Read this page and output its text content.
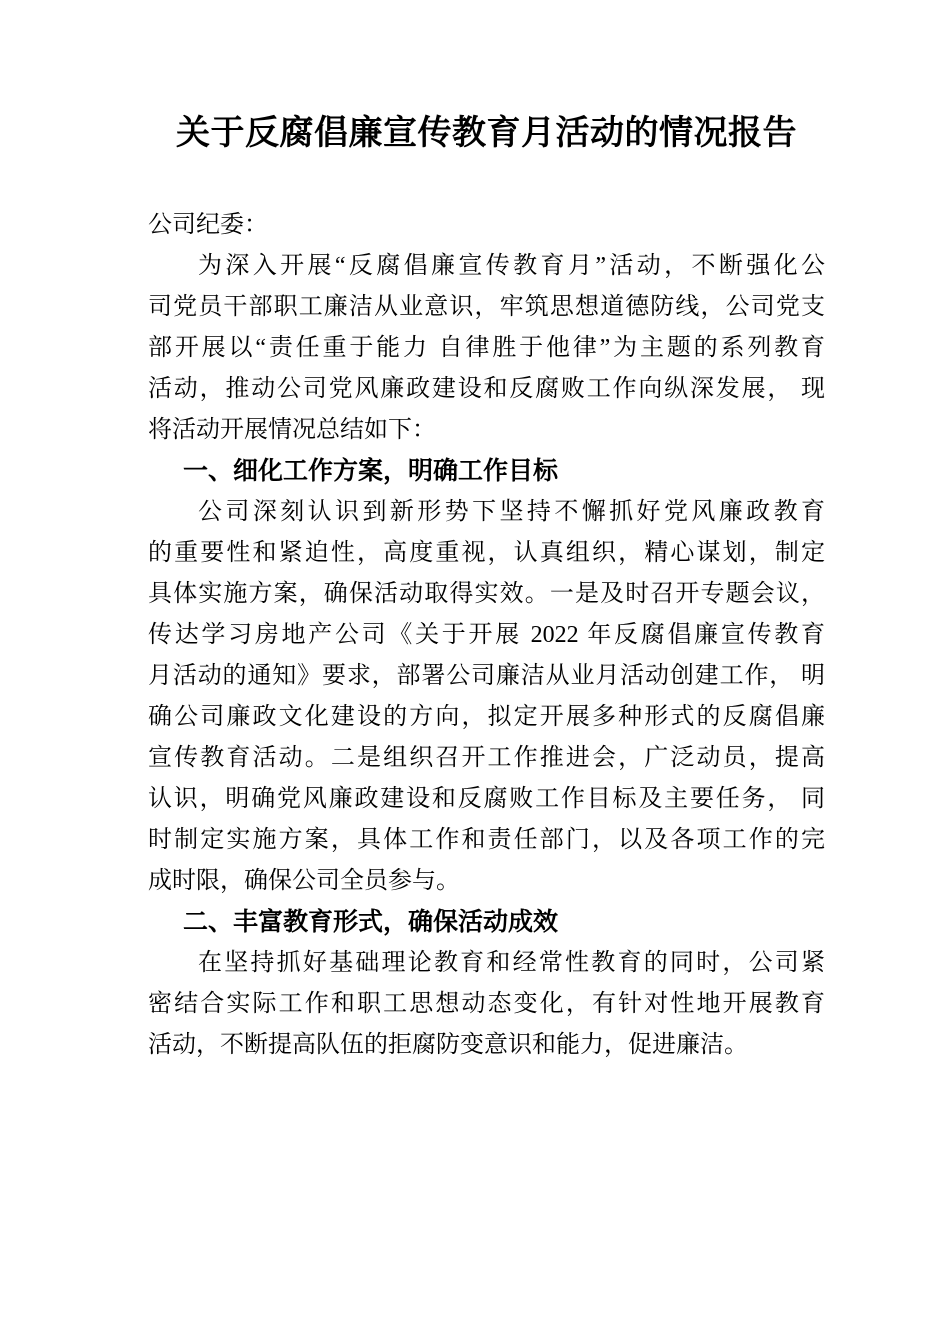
关于反腐倡廉宣传教育月活动的情况报告
公司纪委：
为深入开展“反腐倡廉宣传教育月”活动，不断强化公
司党员干部职工廉洁从业意识，牢筑思想道德防线，公司党支
部开展以“责任重于能力 自律胜于他律”为主题的系列教育
活动，推动公司党风廉政建设和反腐败工作向纵深发展， 现
将活动开展情况总结如下：
一、细化工作方案，明确工作目标
公司深刻认识到新形势下坚持不懈抓好党风廉政教育
的重要性和紧迫性，高度重视，认真组织，精心谋划，制定
具体实施方案，确保活动取得实效。一是及时召开专题会议，
传达学习房地产公司《关于开展 2022 年反腐倡廉宣传教育
月活动的通知》要求，部署公司廉洁从业月活动创建工作， 明
确公司廉政文化建设的方向，拟定开展多种形式的反腐倡廉
宣传教育活动。二是组织召开工作推进会，广泛动员，提高
认识，明确党风廉政建设和反腐败工作目标及主要任务， 同
时制定实施方案，具体工作和责任部门，以及各项工作的完
成时限，确保公司全员参与。
二、丰富教育形式，确保活动成效
在坚持抓好基础理论教育和经常性教育的同时，公司紧
密结合实际工作和职工思想动态变化，有针对性地开展教育
活动，不断提高队伍的拒腐防变意识和能力，促进廉洁。
